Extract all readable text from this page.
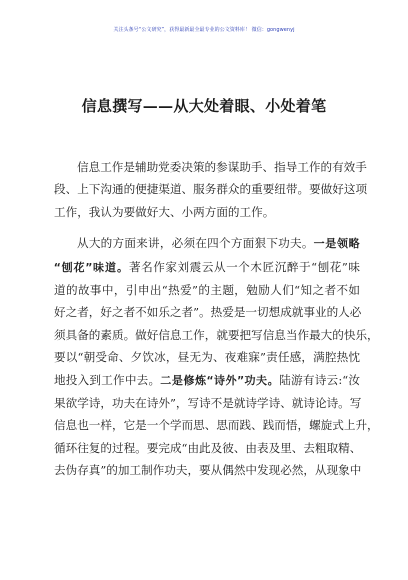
关注头条号“公文研究”，获得最新最全最专业的公文资料库！ 微信：gongwenyj
信息撰写——从大处着眼、小处着笔

信息工作是辅助党委决策的参谋助手、指导工作的有效手
段、上下沟通的便捷渠道、服务群众的重要纽带。要做好这项
工作，我认为要做好大、小两方面的工作。

从大的方面来讲，必须在四个方面狠下功夫。一是领略
“刨花”味道。著名作家刘震云从一个木匠沉醉于“刨花”味
道的故事中，引申出“热爱”的主题，勉励人们“知之者不如
好之者，好之者不如乐之者”。热爱是一切想成就事业的人必
须具备的素质。做好信息工作，就要把写信息当作最大的快乐，
要以“朝受命、夕饮冰，昼无为、夜难寐”责任感，满腔热忱
地投入到工作中去。二是修炼“诗外”功夫。陆游有诗云:“汝
果欲学诗，功夫在诗外”，写诗不是就诗学诗、就诗论诗。写
信息也一样，它是一个学而思、思而践、践而悟，螺旋式上升，
循环往复的过程。要完成“由此及彼、由表及里、去粗取精、
去伪存真”的加工制作功夫，要从偶然中发现必然，从现象中
